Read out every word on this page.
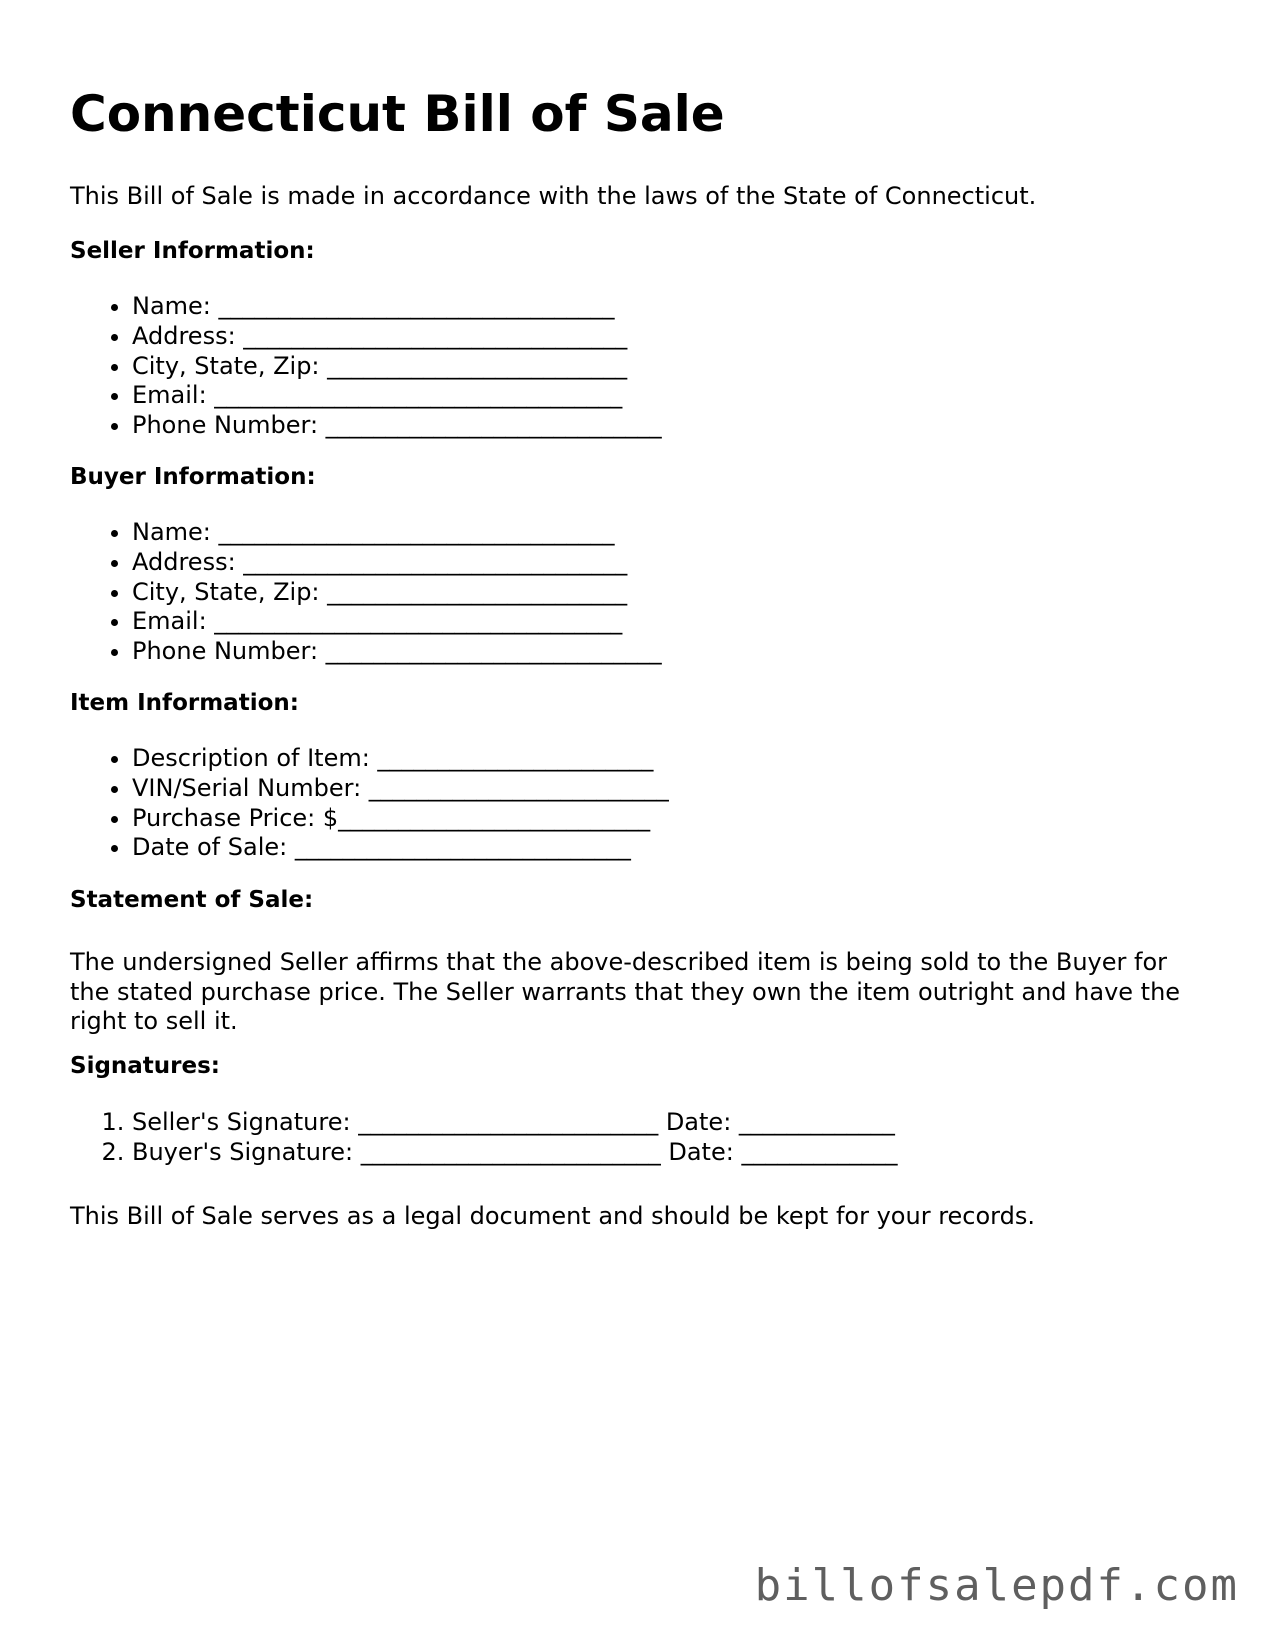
Connecticut Bill of Sale

This Bill of Sale is made in accordance with the laws of the State of Connecticut.

Seller Information:
• Name: _________________________________
• Address: ________________________________
• City, State, Zip: _________________________
• Email: __________________________________
• Phone Number: ____________________________
Buyer Information:
• Name: _________________________________
• Address: ________________________________
• City, State, Zip: _________________________
• Email: __________________________________
• Phone Number: ____________________________
Item Information:
• Description of Item: _______________________
• VIN/Serial Number: _________________________
• Purchase Price: $__________________________
• Date of Sale: ____________________________
Statement of Sale:

The undersigned Seller affirms that the above-described item is being sold to the Buyer for the stated purchase price. The Seller warrants that they own the item outright and have the right to sell it.

Signatures:
1. Seller's Signature: _________________________ Date: _____________
2. Buyer's Signature: _________________________ Date: _____________

This Bill of Sale serves as a legal document and should be kept for your records.

billofsalepdf.com
